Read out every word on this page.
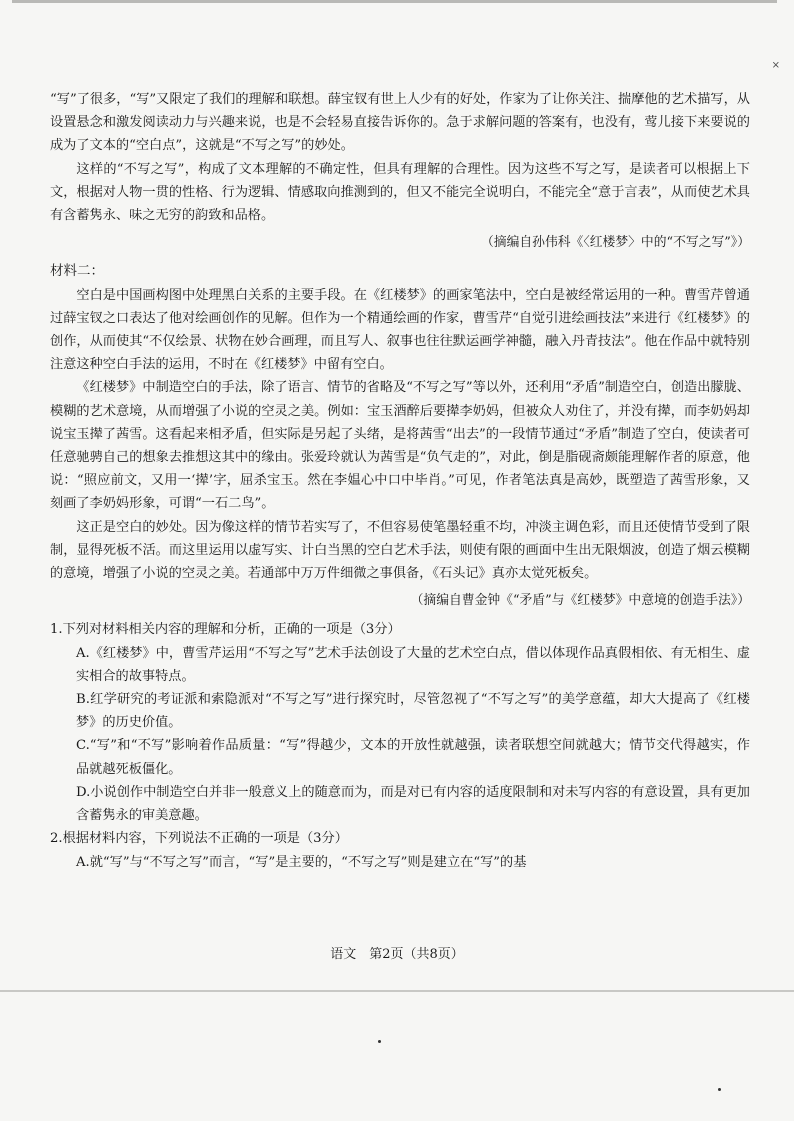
×

“写”了很多，“写”又限定了我们的理解和联想。薛宝钗有世上人少有的好处，作家为了让你关注、揣摩他的艺术描写，从设置悬念和激发阅读动力与兴趣来说，也是不会轻易直接告诉你的。急于求解问题的答案有，也没有，莺儿接下来要说的成为了文本的“空白点”，这就是“不写之写”的妙处。

这样的“不写之写”，构成了文本理解的不确定性，但具有理解的合理性。因为这些不写之写，是读者可以根据上下文，根据对人物一贯的性格、行为逻辑、情感取向推测到的，但又不能完全说明白，不能完全“意于言表”，从而使艺术具有含蓄隽永、味之无穷的韵致和品格。

（摘编自孙伟科《〈红楼梦〉中的“不写之写”》）

材料二：

空白是中国画构图中处理黑白关系的主要手段。在《红楼梦》的画家笔法中，空白是被经常运用的一种。曹雪芹曾通过薛宝钗之口表达了他对绘画创作的见解。但作为一个精通绘画的作家，曹雪芹“自觉引进绘画技法”来进行《红楼梦》的创作，从而使其“不仅绘景、状物在妙合画理，而且写人、叙事也往往默运画学神髓，融入丹青技法”。他在作品中就特别注意这种空白手法的运用，不时在《红楼梦》中留有空白。

《红楼梦》中制造空白的手法，除了语言、情节的省略及“不写之写”等以外，还利用“矛盾”制造空白，创造出朦胧、模糊的艺术意境，从而增强了小说的空灵之美。例如：宝玉酒醉后要撵李奶妈，但被众人劝住了，并没有撵，而李奶妈却说宝玉撵了茜雪。这看起来相矛盾，但实际是另起了头绪，是将茜雪“出去”的一段情节通过“矛盾”制造了空白，使读者可任意驰骋自己的想象去推想这其中的缘由。张爱玲就认为茜雪是“负气走的”，对此，倒是脂砚斋颇能理解作者的原意，他说：“照应前文，又用一‘撵’字，屈杀宝玉。然在李媪心中口中毕肖。”可见，作者笔法真是高妙，既塑造了茜雪形象，又刻画了李奶妈形象，可谓“一石二鸟”。

这正是空白的妙处。因为像这样的情节若实写了，不但容易使笔墨轻重不均，冲淡主调色彩，而且还使情节受到了限制，显得死板不活。而这里运用以虚写实、计白当黑的空白艺术手法，则使有限的画面中生出无限烟波，创造了烟云模糊的意境，增强了小说的空灵之美。若通部中万万件细微之事俱备，《石头记》真亦太觉死板矣。

（摘编自曹金钟《“矛盾”与《红楼梦》中意境的创造手法》）

1.下列对材料相关内容的理解和分析，正确的一项是（3分）

A.《红楼梦》中，曹雪芹运用“不写之写”艺术手法创设了大量的艺术空白点，借以体现作品真假相依、有无相生、虚实相合的故事特点。

B.红学研究的考证派和索隐派对“不写之写”进行探究时，尽管忽视了“不写之写”的美学意蕴，却大大提高了《红楼梦》的历史价值。

C.“写”和“不写”影响着作品质量：“写”得越少，文本的开放性就越强，读者联想空间就越大；情节交代得越实，作品就越死板僵化。

D.小说创作中制造空白并非一般意义上的随意而为，而是对已有内容的适度限制和对未写内容的有意设置，具有更加含蓄隽永的审美意趣。

2.根据材料内容，下列说法不正确的一项是（3分）

A.就“写”与“不写之写”而言，“写”是主要的，“不写之写”则是建立在“写”的基

语文　第2页（共8页）
